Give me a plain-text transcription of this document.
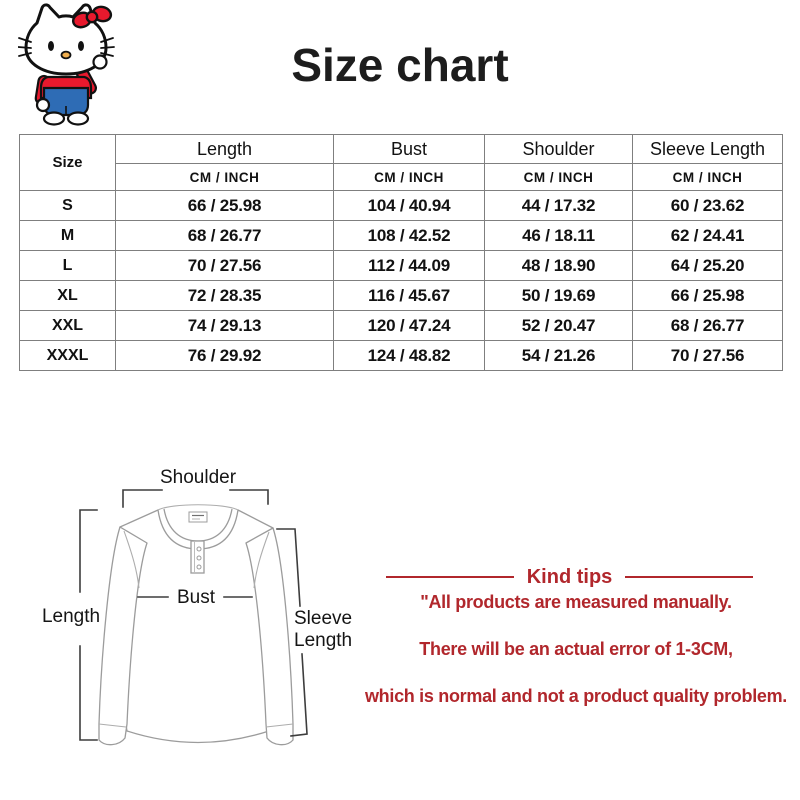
Size chart
Size	Length	Bust	Shoulder	Sleeve Length
	CM / INCH	CM / INCH	CM / INCH	CM / INCH
S	66 / 25.98	104 / 40.94	44 / 17.32	60 / 23.62
M	68 / 26.77	108 / 42.52	46 / 18.11	62 / 24.41
L	70 / 27.56	112 / 44.09	48 / 18.90	64 / 25.20
XL	72 / 28.35	116 / 45.67	50 / 19.69	66 / 25.98
XXL	74 / 29.13	120 / 47.24	52 / 20.47	68 / 26.77
XXXL	76 / 29.92	124 / 48.82	54 / 21.26	70 / 27.56
Shoulder
Length
Bust
Sleeve
Length
Kind tips
"All products are measured manually.
There will be an actual error of 1-3CM,
which is normal and not a product quality problem.
